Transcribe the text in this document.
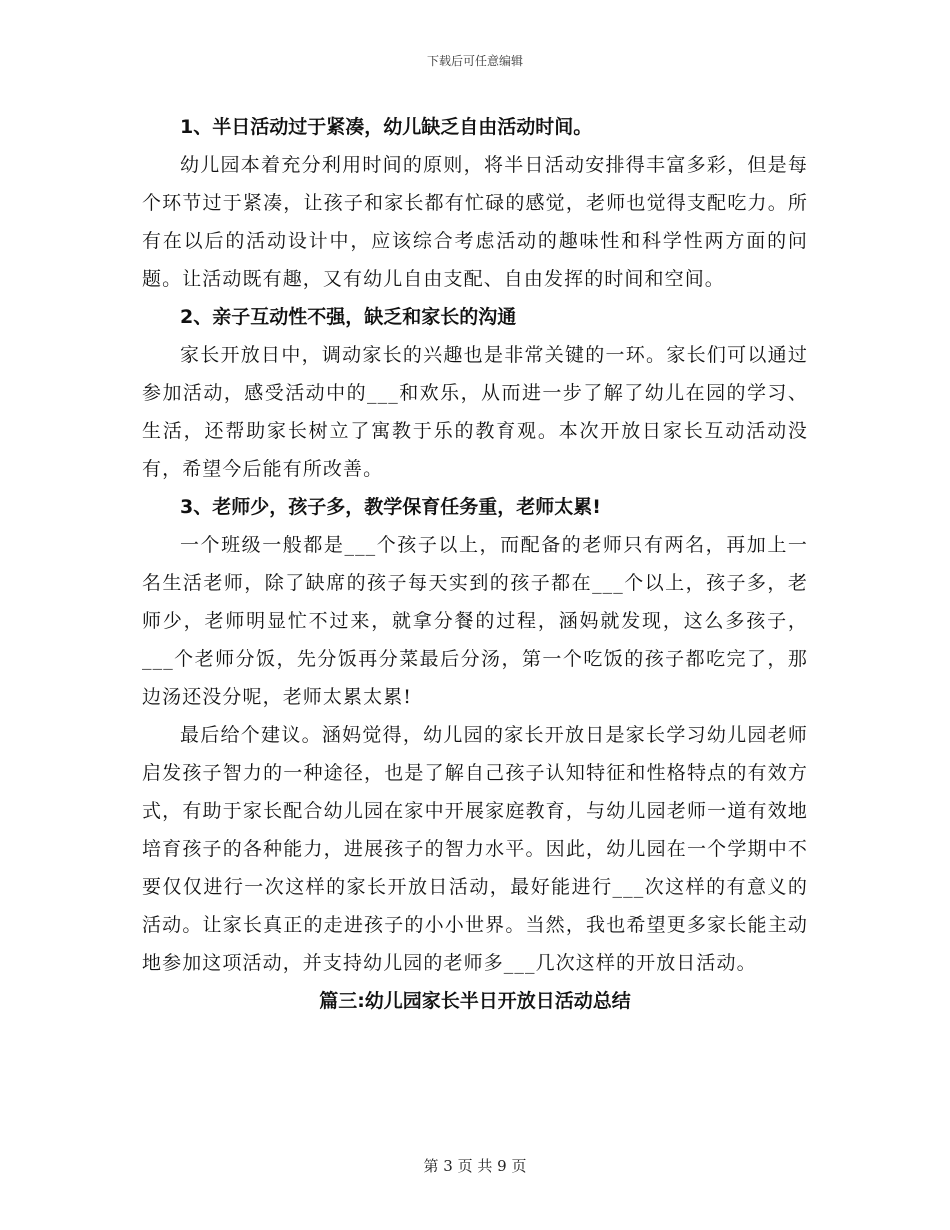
下载后可任意编辑

1、半日活动过于紧凑，幼儿缺乏自由活动时间。

幼儿园本着充分利用时间的原则，将半日活动安排得丰富多彩，但是每个环节过于紧凑，让孩子和家长都有忙碌的感觉，老师也觉得支配吃力。所有在以后的活动设计中，应该综合考虑活动的趣味性和科学性两方面的问题。让活动既有趣，又有幼儿自由支配、自由发挥的时间和空间。

2、亲子互动性不强，缺乏和家长的沟通

家长开放日中，调动家长的兴趣也是非常关键的一环。家长们可以通过参加活动，感受活动中的___和欢乐，从而进一步了解了幼儿在园的学习、生活，还帮助家长树立了寓教于乐的教育观。本次开放日家长互动活动没有，希望今后能有所改善。

3、老师少，孩子多，教学保育任务重，老师太累!

一个班级一般都是___个孩子以上，而配备的老师只有两名，再加上一名生活老师，除了缺席的孩子每天实到的孩子都在___个以上，孩子多，老师少，老师明显忙不过来，就拿分餐的过程，涵妈就发现，这么多孩子，___个老师分饭，先分饭再分菜最后分汤，第一个吃饭的孩子都吃完了，那边汤还没分呢，老师太累太累!

最后给个建议。涵妈觉得，幼儿园的家长开放日是家长学习幼儿园老师启发孩子智力的一种途径，也是了解自己孩子认知特征和性格特点的有效方式，有助于家长配合幼儿园在家中开展家庭教育，与幼儿园老师一道有效地培育孩子的各种能力，进展孩子的智力水平。因此，幼儿园在一个学期中不要仅仅进行一次这样的家长开放日活动，最好能进行___次这样的有意义的活动。让家长真正的走进孩子的小小世界。当然，我也希望更多家长能主动地参加这项活动，并支持幼儿园的老师多___几次这样的开放日活动。

篇三:幼儿园家长半日开放日活动总结

第 3 页 共 9 页
